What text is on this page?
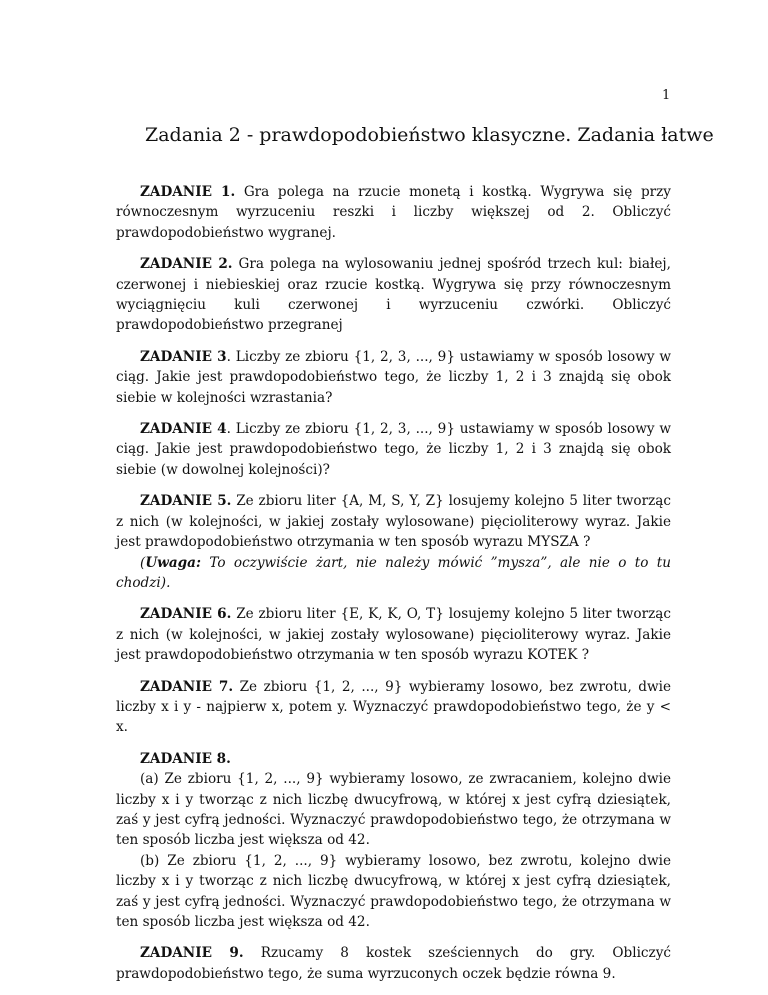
1
Zadania 2 - prawdopodobieństwo klasyczne. Zadania łatwe

ZADANIE 1. Gra polega na rzucie monetą i kostką. Wygrywa się przy równoczesnym wyrzuceniu reszki i liczby większej od 2. Obliczyć prawdopodobieństwo wygranej.

ZADANIE 2. Gra polega na wylosowaniu jednej spośród trzech kul: białej, czerwonej i niebieskiej oraz rzucie kostką. Wygrywa się przy równoczesnym wyciągnięciu kuli czerwonej i wyrzuceniu czwórki. Obliczyć prawdopodobieństwo przegranej

ZADANIE 3. Liczby ze zbioru {1, 2, 3, ..., 9} ustawiamy w sposób losowy w ciąg. Jakie jest prawdopodobieństwo tego, że liczby 1, 2 i 3 znajdą się obok siebie w kolejności wzrastania?

ZADANIE 4. Liczby ze zbioru {1, 2, 3, ..., 9} ustawiamy w sposób losowy w ciąg. Jakie jest prawdopodobieństwo tego, że liczby 1, 2 i 3 znajdą się obok siebie (w dowolnej kolejności)?

ZADANIE 5. Ze zbioru liter {A, M, S, Y, Z} losujemy kolejno 5 liter tworząc z nich (w kolejności, w jakiej zostały wylosowane) pięcioliterowy wyraz. Jakie jest prawdopodobieństwo otrzymania w ten sposób wyrazu MYSZA ?

(Uwaga: To oczywiście żart, nie należy mówić ”mysza”, ale nie o to tu chodzi).

ZADANIE 6. Ze zbioru liter {E, K, K, O, T} losujemy kolejno 5 liter tworząc z nich (w kolejności, w jakiej zostały wylosowane) pięcioliterowy wyraz. Jakie jest prawdopodobieństwo otrzymania w ten sposób wyrazu KOTEK ?

ZADANIE 7. Ze zbioru {1, 2, ..., 9} wybieramy losowo, bez zwrotu, dwie liczby x i y - najpierw x, potem y. Wyznaczyć prawdopodobieństwo tego, że y < x.

ZADANIE 8.

(a) Ze zbioru {1, 2, ..., 9} wybieramy losowo, ze zwracaniem, kolejno dwie liczby x i y tworząc z nich liczbę dwucyfrową, w której x jest cyfrą dziesiątek, zaś y jest cyfrą jedności. Wyznaczyć prawdopodobieństwo tego, że otrzymana w ten sposób liczba jest większa od 42.

(b) Ze zbioru {1, 2, ..., 9} wybieramy losowo, bez zwrotu, kolejno dwie liczby x i y tworząc z nich liczbę dwucyfrową, w której x jest cyfrą dziesiątek, zaś y jest cyfrą jedności. Wyznaczyć prawdopodobieństwo tego, że otrzymana w ten sposób liczba jest większa od 42.

ZADANIE 9. Rzucamy 8 kostek sześciennych do gry. Obliczyć prawdopodobieństwo tego, że suma wyrzuconych oczek będzie równa 9.
